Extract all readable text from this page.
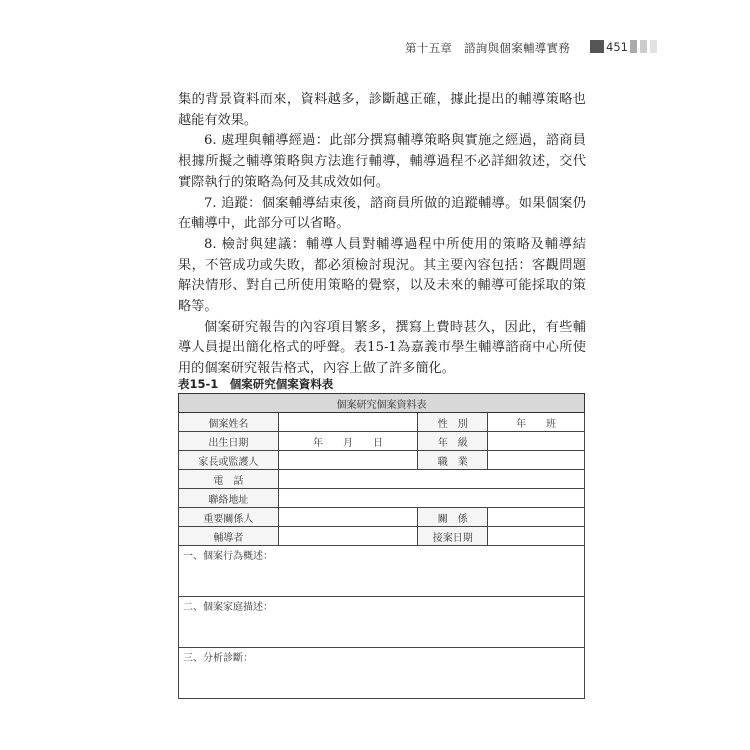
第十五章　諮詢與個案輔導實務	451

集的背景資料而來，資料越多，診斷越正確，據此提出的輔導策略也越能有效果。

6. 處理與輔導經過：此部分撰寫輔導策略與實施之經過，諮商員根據所擬之輔導策略與方法進行輔導，輔導過程不必詳細敘述，交代實際執行的策略為何及其成效如何。

7. 追蹤：個案輔導結束後，諮商員所做的追蹤輔導。如果個案仍在輔導中，此部分可以省略。

8. 檢討與建議：輔導人員對輔導過程中所使用的策略及輔導結果，不管成功或失敗，都必須檢討現況。其主要內容包括：客觀問題解決情形、對自己所使用策略的覺察，以及未來的輔導可能採取的策略等。

個案研究報告的內容項目繁多，撰寫上費時甚久，因此，有些輔導人員提出簡化格式的呼聲。表15-1為嘉義市學生輔導諮商中心所使用的個案研究報告格式，內容上做了許多簡化。

表15-1　個案研究個案資料表
個案研究個案資料表			
個案姓名		性　別	年　　班
出生日期	年　　月　　日	年　級	
家長或監護人		職　業	
電　話			
聯絡地址			
重要關係人		關　係	
輔導者		接案日期	
一、個案行為概述：			
二、個案家庭描述：			
三、分析診斷：			
